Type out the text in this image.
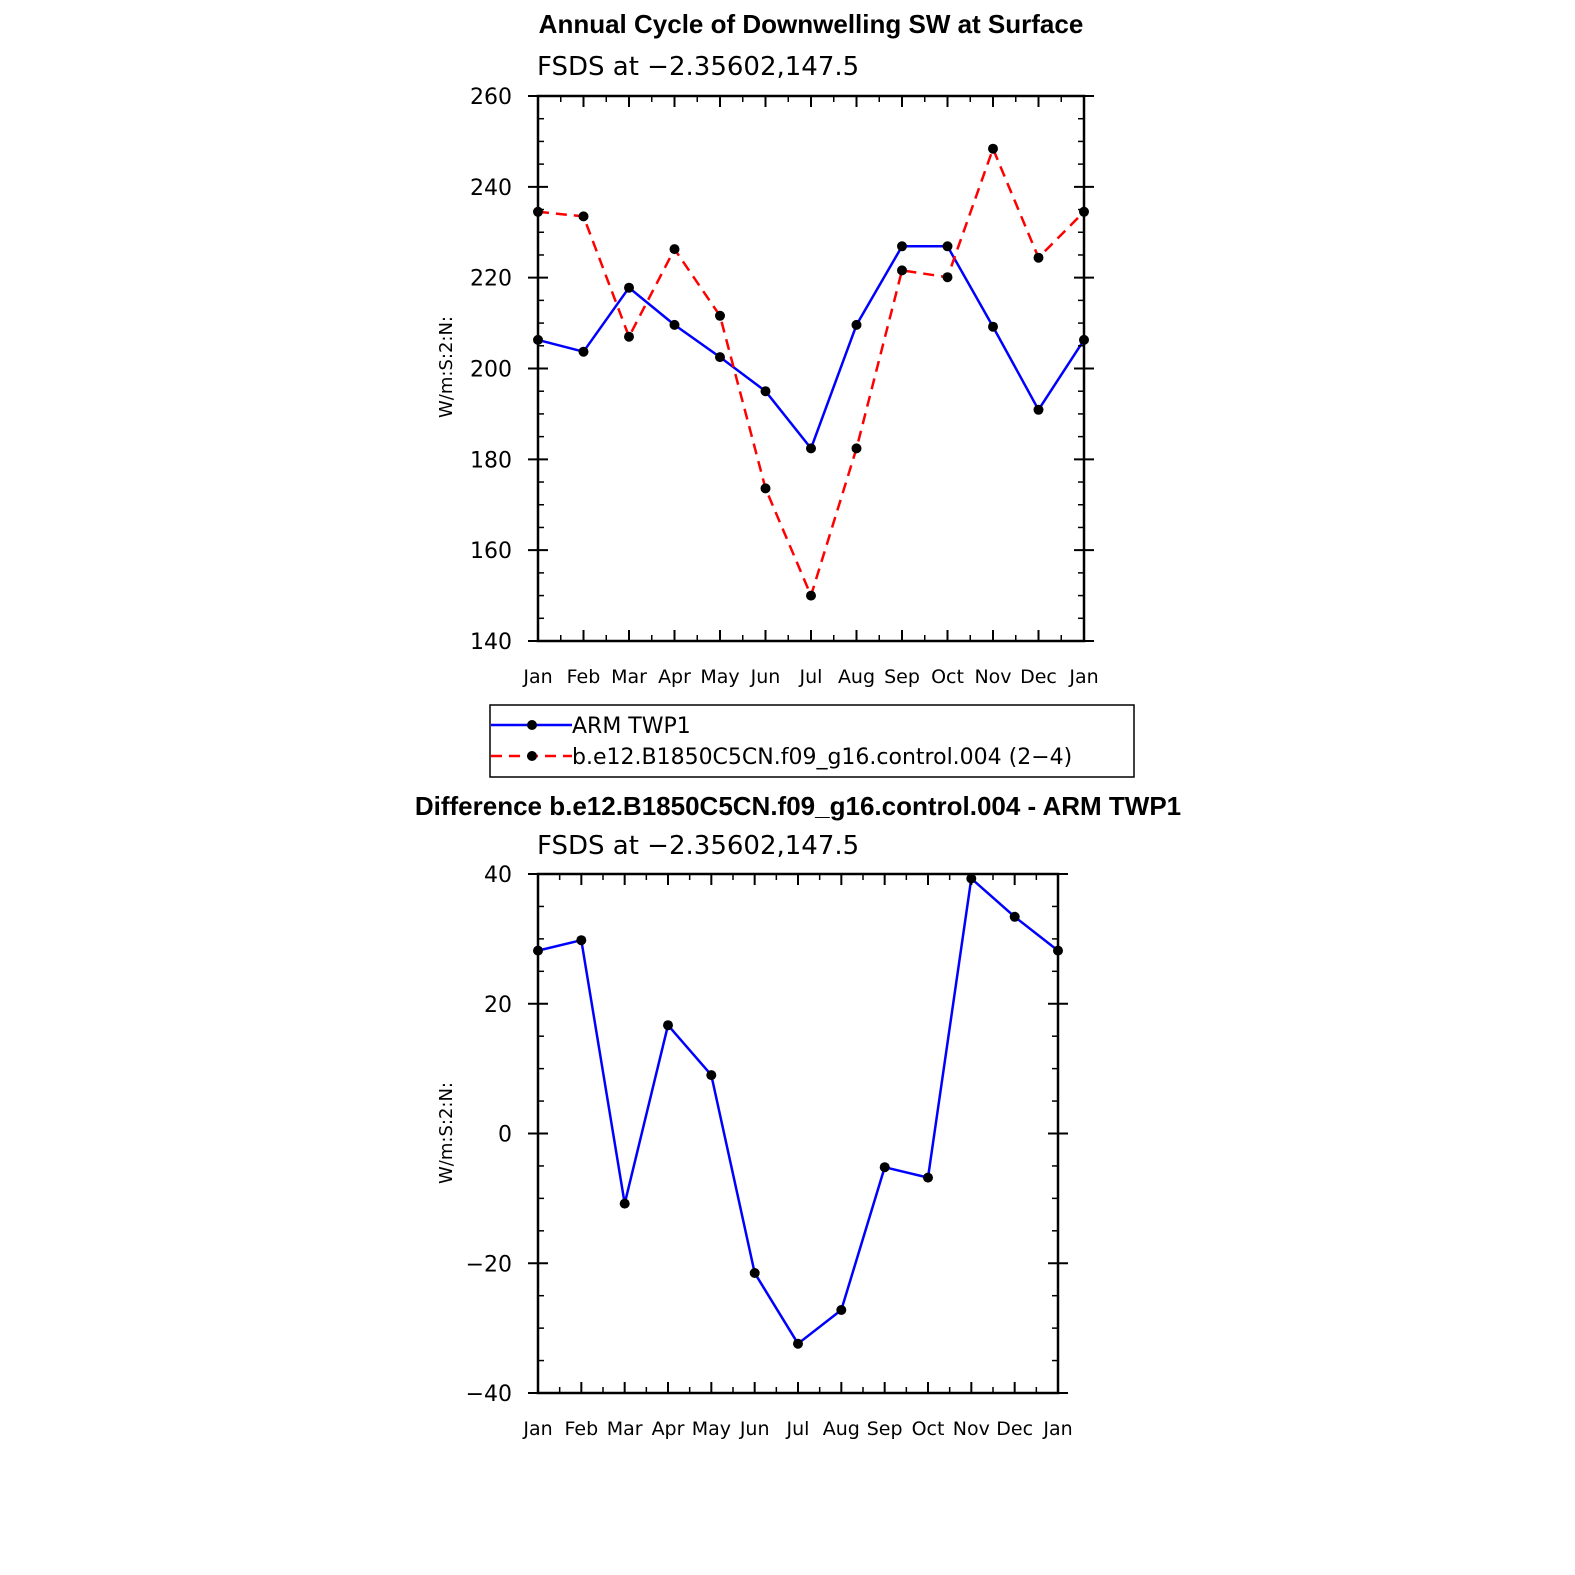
Annual Cycle of Downwelling SW at Surface
FSDS at −2.35602,147.5
W/m:S:2:N:
Jan Feb Mar Apr May Jun Jul Aug Sep Oct Nov Dec Jan
140
160
180
200
220
240
260
ARM TWP1
b.e12.B1850C5CN.f09_g16.control.004 (2−4)
Difference b.e12.B1850C5CN.f09_g16.control.004 - ARM TWP1
FSDS at −2.35602,147.5
W/m:S:2:N:
Jan Feb Mar Apr May Jun Jul Aug Sep Oct Nov Dec Jan
−40
−20
0
20
40
